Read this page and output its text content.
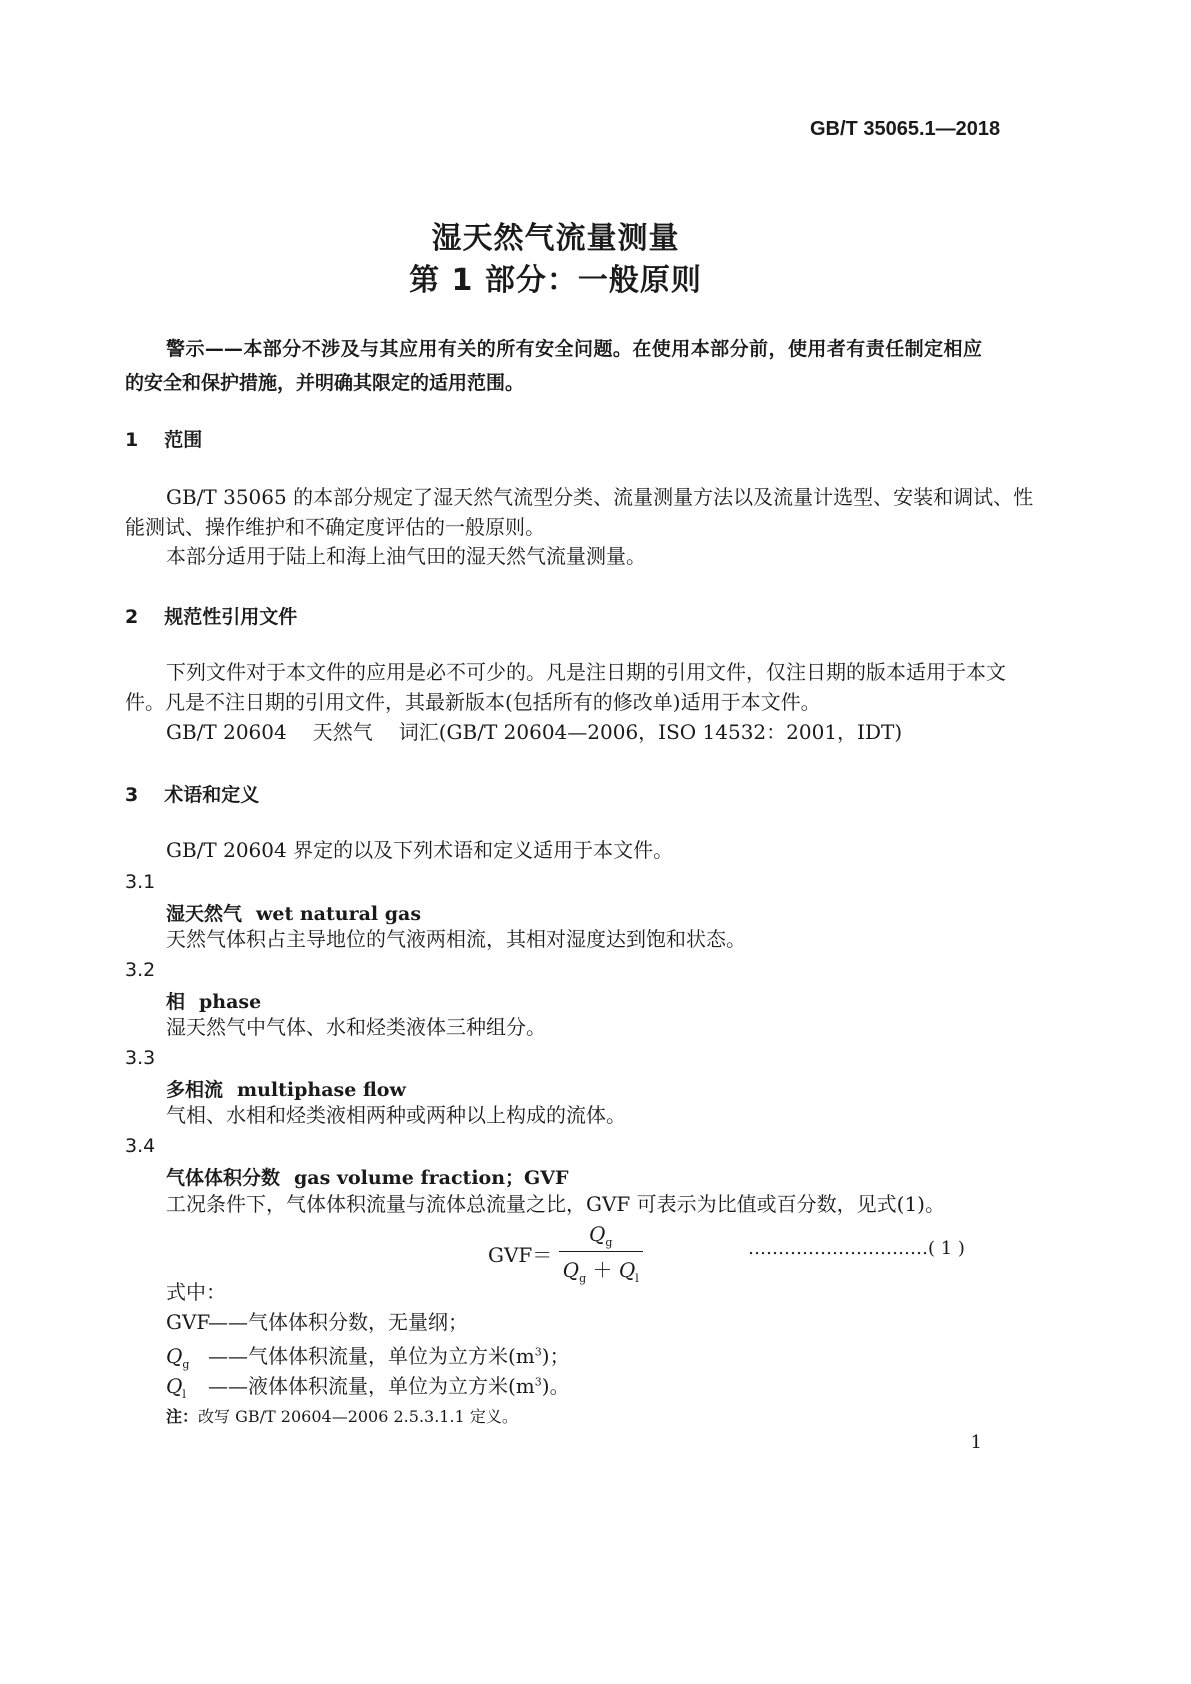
GB/T 35065.1—2018
湿天然气流量测量
第 1 部分：一般原则
警示——本部分不涉及与其应用有关的所有安全问题。在使用本部分前，使用者有责任制定相应
的安全和保护措施，并明确其限定的适用范围。
1 范围
GB/T 35065 的本部分规定了湿天然气流型分类、流量测量方法以及流量计选型、安装和调试、性
能测试、操作维护和不确定度评估的一般原则。
本部分适用于陆上和海上油气田的湿天然气流量测量。
2 规范性引用文件
下列文件对于本文件的应用是必不可少的。凡是注日期的引用文件，仅注日期的版本适用于本文
件。凡是不注日期的引用文件，其最新版本(包括所有的修改单)适用于本文件。
GB/T 20604 天然气 词汇(GB/T 20604—2006，ISO 14532：2001，IDT)
3 术语和定义
GB/T 20604 界定的以及下列术语和定义适用于本文件。
3.1
湿天然气 wet natural gas
天然气体积占主导地位的气液两相流，其相对湿度达到饱和状态。
3.2
相 phase
湿天然气中气体、水和烃类液体三种组分。
3.3
多相流 multiphase flow
气相、水相和烃类液相两种或两种以上构成的流体。
3.4
气体体积分数 gas volume fraction；GVF
工况条件下，气体体积流量与流体总流量之比，GVF 可表示为比值或百分数，见式(1)。
$GVF= \frac{Q_g}{Q_g + Q_l}$	…………………………( 1 )
式中：
GVF——气体体积分数，无量纲；
$Q_g$ ——气体体积流量，单位为立方米$(m^3)$；
$Q_l$ ——液体体积流量，单位为立方米$(m^3)$。
注：改写 GB/T 20604—2006 2.5.3.1.1 定义。
1
